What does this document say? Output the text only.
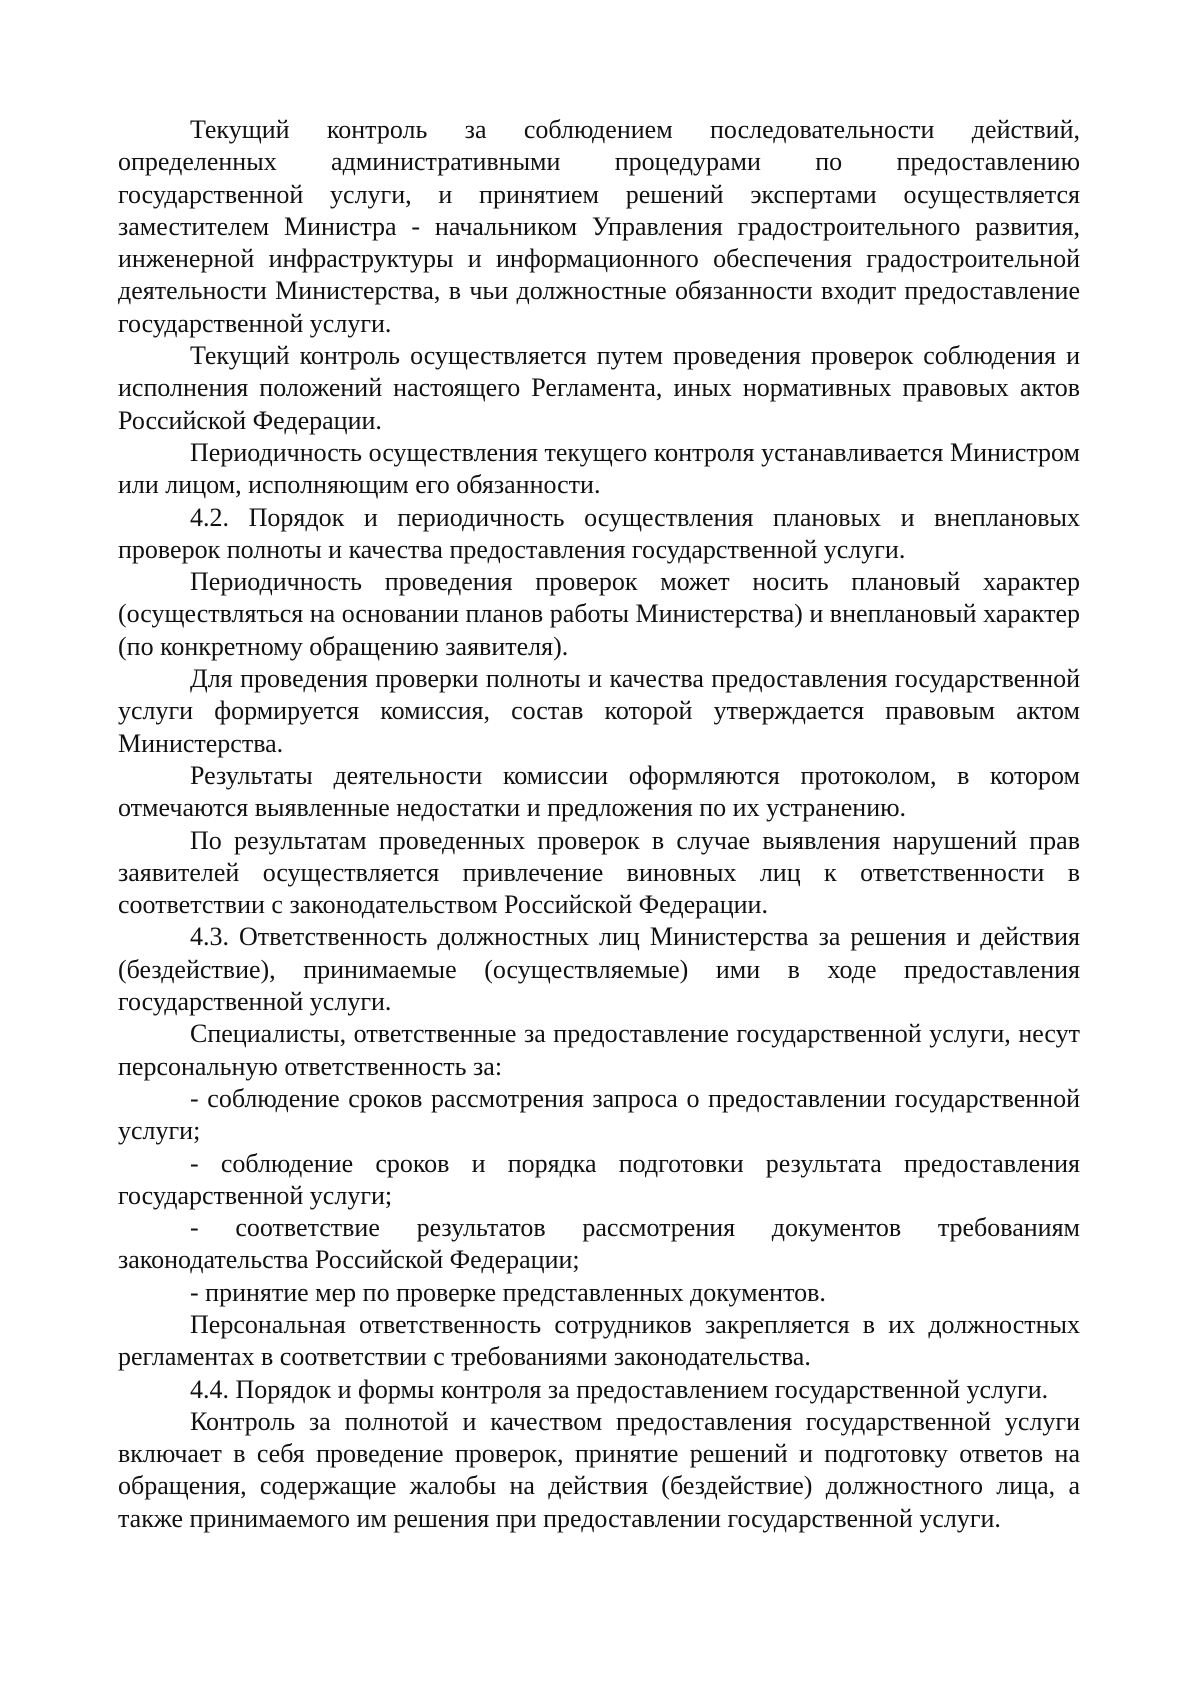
Текущий контроль за соблюдением последовательности действий, определенных административными процедурами по предоставлению государственной услуги, и принятием решений экспертами осуществляется заместителем Министра - начальником Управления градостроительного развития, инженерной инфраструктуры и информационного обеспечения градостроительной деятельности Министерства, в чьи должностные обязанности входит предоставление государственной услуги.

Текущий контроль осуществляется путем проведения проверок соблюдения и исполнения положений настоящего Регламента, иных нормативных правовых актов Российской Федерации.

Периодичность осуществления текущего контроля устанавливается Министром или лицом, исполняющим его обязанности.

4.2. Порядок и периодичность осуществления плановых и внеплановых проверок полноты и качества предоставления государственной услуги.

Периодичность проведения проверок может носить плановый характер (осуществляться на основании планов работы Министерства) и внеплановый характер (по конкретному обращению заявителя).

Для проведения проверки полноты и качества предоставления государственной услуги формируется комиссия, состав которой утверждается правовым актом Министерства.

Результаты деятельности комиссии оформляются протоколом, в котором отмечаются выявленные недостатки и предложения по их устранению.

По результатам проведенных проверок в случае выявления нарушений прав заявителей осуществляется привлечение виновных лиц к ответственности в соответствии с законодательством Российской Федерации.

4.3. Ответственность должностных лиц Министерства за решения и действия (бездействие), принимаемые (осуществляемые) ими в ходе предоставления государственной услуги.

Специалисты, ответственные за предоставление государственной услуги, несут персональную ответственность за:

- соблюдение сроков рассмотрения запроса о предоставлении государственной услуги;

- соблюдение сроков и порядка подготовки результата предоставления государственной услуги;

- соответствие результатов рассмотрения документов требованиям законодательства Российской Федерации;

- принятие мер по проверке представленных документов.

Персональная ответственность сотрудников закрепляется в их должностных регламентах в соответствии с требованиями законодательства.

4.4. Порядок и формы контроля за предоставлением государственной услуги.

Контроль за полнотой и качеством предоставления государственной услуги включает в себя проведение проверок, принятие решений и подготовку ответов на обращения, содержащие жалобы на действия (бездействие) должностного лица, а также принимаемого им решения при предоставлении государственной услуги.
